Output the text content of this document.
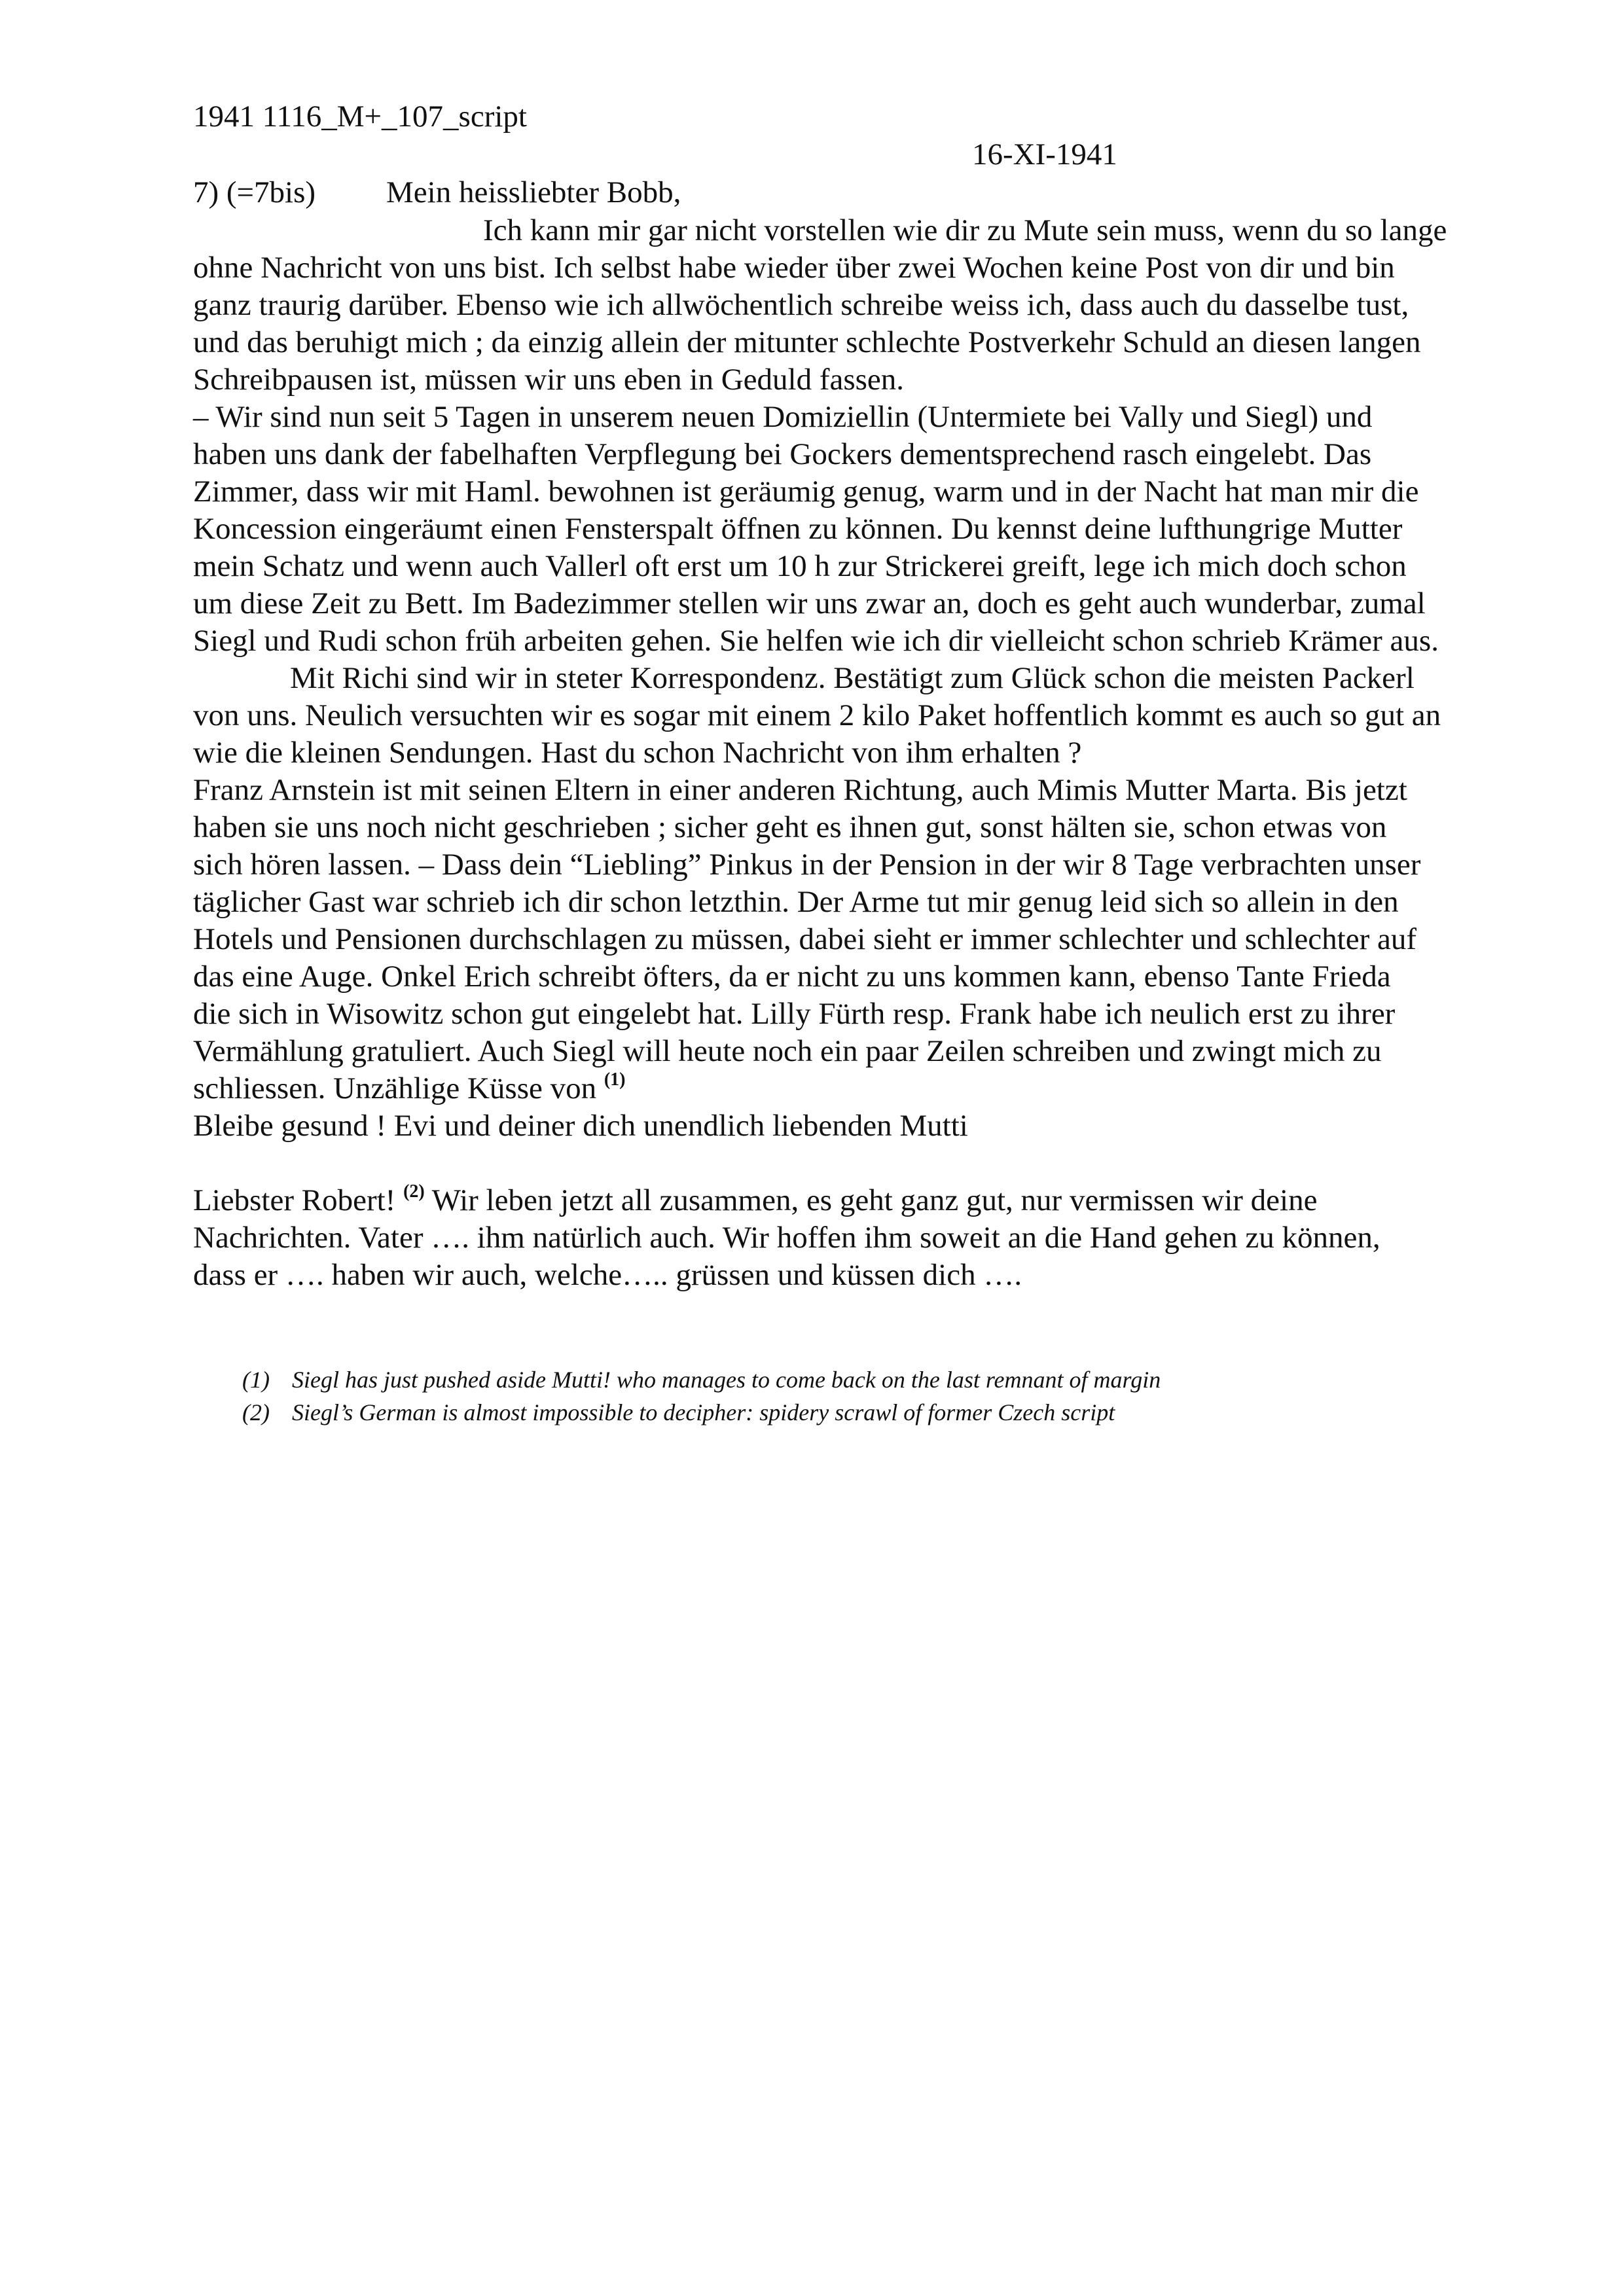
1941 1116_M+_107_script

16-XI-1941

7) (=7bis) Mein heissliebter Bobb,

Ich kann mir gar nicht vorstellen wie dir zu Mute sein muss, wenn du so lange

ohne Nachricht von uns bist. Ich selbst habe wieder über zwei Wochen keine Post von dir und bin

ganz traurig darüber. Ebenso wie ich allwöchentlich schreibe weiss ich, dass auch du dasselbe tust,

und das beruhigt mich ; da einzig allein der mitunter schlechte Postverkehr Schuld an diesen langen

Schreibpausen ist, müssen wir uns eben in Geduld fassen.

– Wir sind nun seit 5 Tagen in unserem neuen Domiziellin (Untermiete bei Vally und Siegl) und

haben uns dank der fabelhaften Verpflegung bei Gockers dementsprechend rasch eingelebt. Das

Zimmer, dass wir mit Haml. bewohnen ist geräumig genug, warm und in der Nacht hat man mir die

Koncession eingeräumt einen Fensterspalt öffnen zu können. Du kennst deine lufthungrige Mutter

mein Schatz und wenn auch Vallerl oft erst um 10 h zur Strickerei greift, lege ich mich doch schon

um diese Zeit zu Bett. Im Badezimmer stellen wir uns zwar an, doch es geht auch wunderbar, zumal

Siegl und Rudi schon früh arbeiten gehen. Sie helfen wie ich dir vielleicht schon schrieb Krämer aus.

Mit Richi sind wir in steter Korrespondenz. Bestätigt zum Glück schon die meisten Packerl

von uns. Neulich versuchten wir es sogar mit einem 2 kilo Paket hoffentlich kommt es auch so gut an

wie die kleinen Sendungen. Hast du schon Nachricht von ihm erhalten ?

Franz Arnstein ist mit seinen Eltern in einer anderen Richtung, auch Mimis Mutter Marta. Bis jetzt

haben sie uns noch nicht geschrieben ; sicher geht es ihnen gut, sonst hälten sie, schon etwas von

sich hören lassen. – Dass dein “Liebling” Pinkus in der Pension in der wir 8 Tage verbrachten unser

täglicher Gast war schrieb ich dir schon letzthin. Der Arme tut mir genug leid sich so allein in den

Hotels und Pensionen durchschlagen zu müssen, dabei sieht er immer schlechter und schlechter auf

das eine Auge. Onkel Erich schreibt öfters, da er nicht zu uns kommen kann, ebenso Tante Frieda

die sich in Wisowitz schon gut eingelebt hat. Lilly Fürth resp. Frank habe ich neulich erst zu ihrer

Vermählung gratuliert. Auch Siegl will heute noch ein paar Zeilen schreiben und zwingt mich zu

schliessen. Unzählige Küsse von $^{(1)}$

Bleibe gesund ! Evi und deiner dich unendlich liebenden Mutti

Liebster Robert! $^{(2)}$ Wir leben jetzt all zusammen, es geht ganz gut, nur vermissen wir deine

Nachrichten. Vater …. ihm natürlich auch. Wir hoffen ihm soweit an die Hand gehen zu können,

dass er …. haben wir auch, welche….. grüssen und küssen dich ….

(1) Siegl has just pushed aside Mutti! who manages to come back on the last remnant of margin

(2) Siegl’s German is almost impossible to decipher: spidery scrawl of former Czech script
